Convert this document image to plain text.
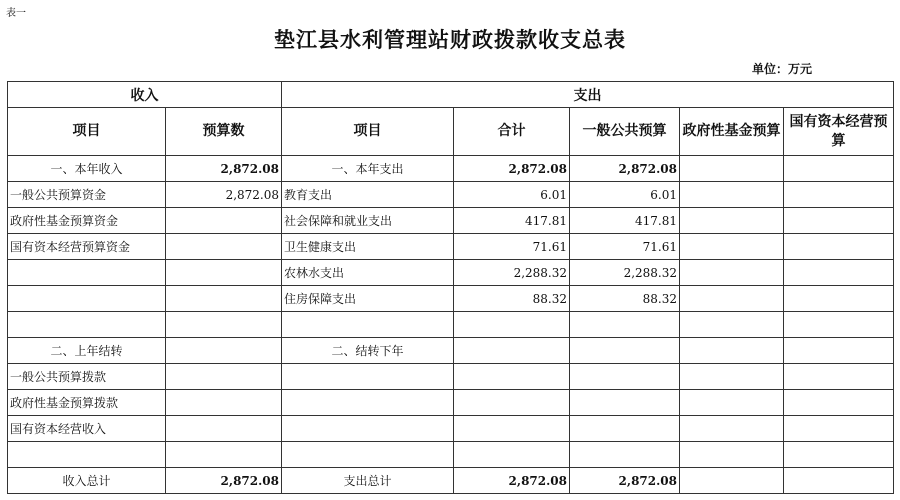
表一
垫江县水利管理站财政拨款收支总表
单位：万元
收入		支出				
项目	预算数	项目	合计	一般公共预算	政府性基金预算	国有资本经营预算
一、本年收入	2,872.08	一、本年支出	2,872.08	2,872.08		
一般公共预算资金	2,872.08	教育支出	6.01	6.01		
政府性基金预算资金		社会保障和就业支出	417.81	417.81		
国有资本经营预算资金		卫生健康支出	71.61	71.61		
		农林水支出	2,288.32	2,288.32		
		住房保障支出	88.32	88.32		

二、上年结转		二、结转下年				
一般公共预算拨款						
政府性基金预算拨款						
国有资本经营收入						

收入总计	2,872.08	支出总计	2,872.08	2,872.08		
